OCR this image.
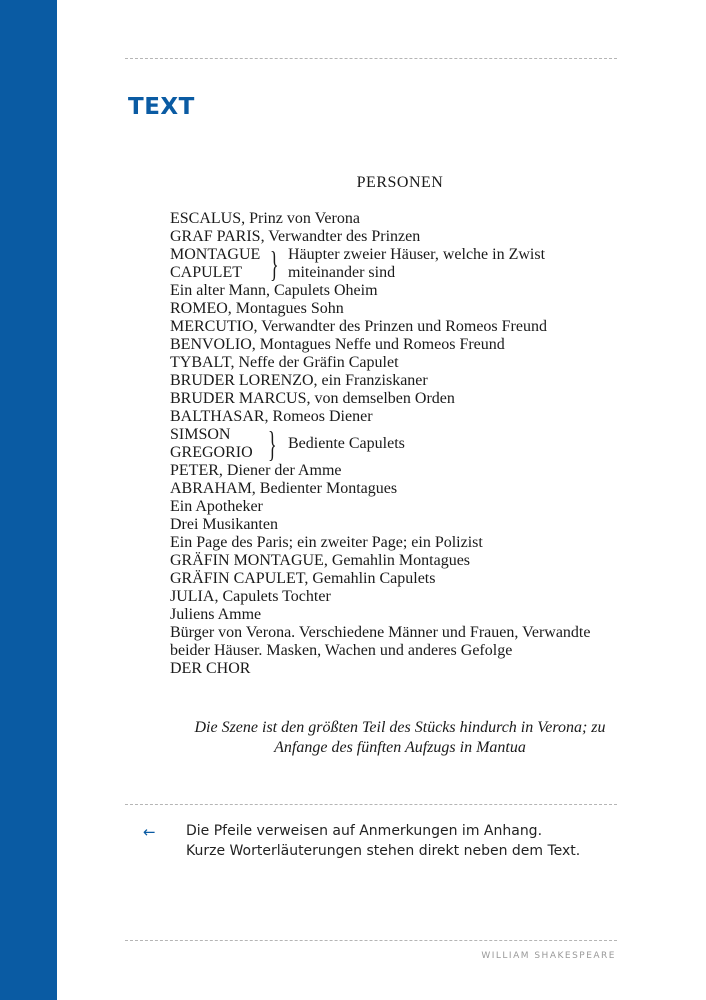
TEXT
PERSONEN
ESCALUS, Prinz von Verona
GRAF PARIS, Verwandter des Prinzen
MONTAGUE
CAPULET } Häupter zweier Häuser, welche in Zwist
miteinander sind
Ein alter Mann, Capulets Oheim
ROMEO, Montagues Sohn
MERCUTIO, Verwandter des Prinzen und Romeos Freund
BENVOLIO, Montagues Neffe und Romeos Freund
TYBALT, Neffe der Gräfin Capulet
BRUDER LORENZO, ein Franziskaner
BRUDER MARCUS, von demselben Orden
BALTHASAR, Romeos Diener
SIMSON
GREGORIO } Bediente Capulets
PETER, Diener der Amme
ABRAHAM, Bedienter Montagues
Ein Apotheker
Drei Musikanten
Ein Page des Paris; ein zweiter Page; ein Polizist
GRÄFIN MONTAGUE, Gemahlin Montagues
GRÄFIN CAPULET, Gemahlin Capulets
JULIA, Capulets Tochter
Juliens Amme
Bürger von Verona. Verschiedene Männer und Frauen, Verwandte beider Häuser. Masken, Wachen und anderes Gefolge
DER CHOR

Die Szene ist den größten Teil des Stücks hindurch in Verona; zu Anfange des fünften Aufzugs in Mantua

← Die Pfeile verweisen auf Anmerkungen im Anhang.
Kurze Worterläuterungen stehen direkt neben dem Text.
WILLIAM SHAKESPEARE
